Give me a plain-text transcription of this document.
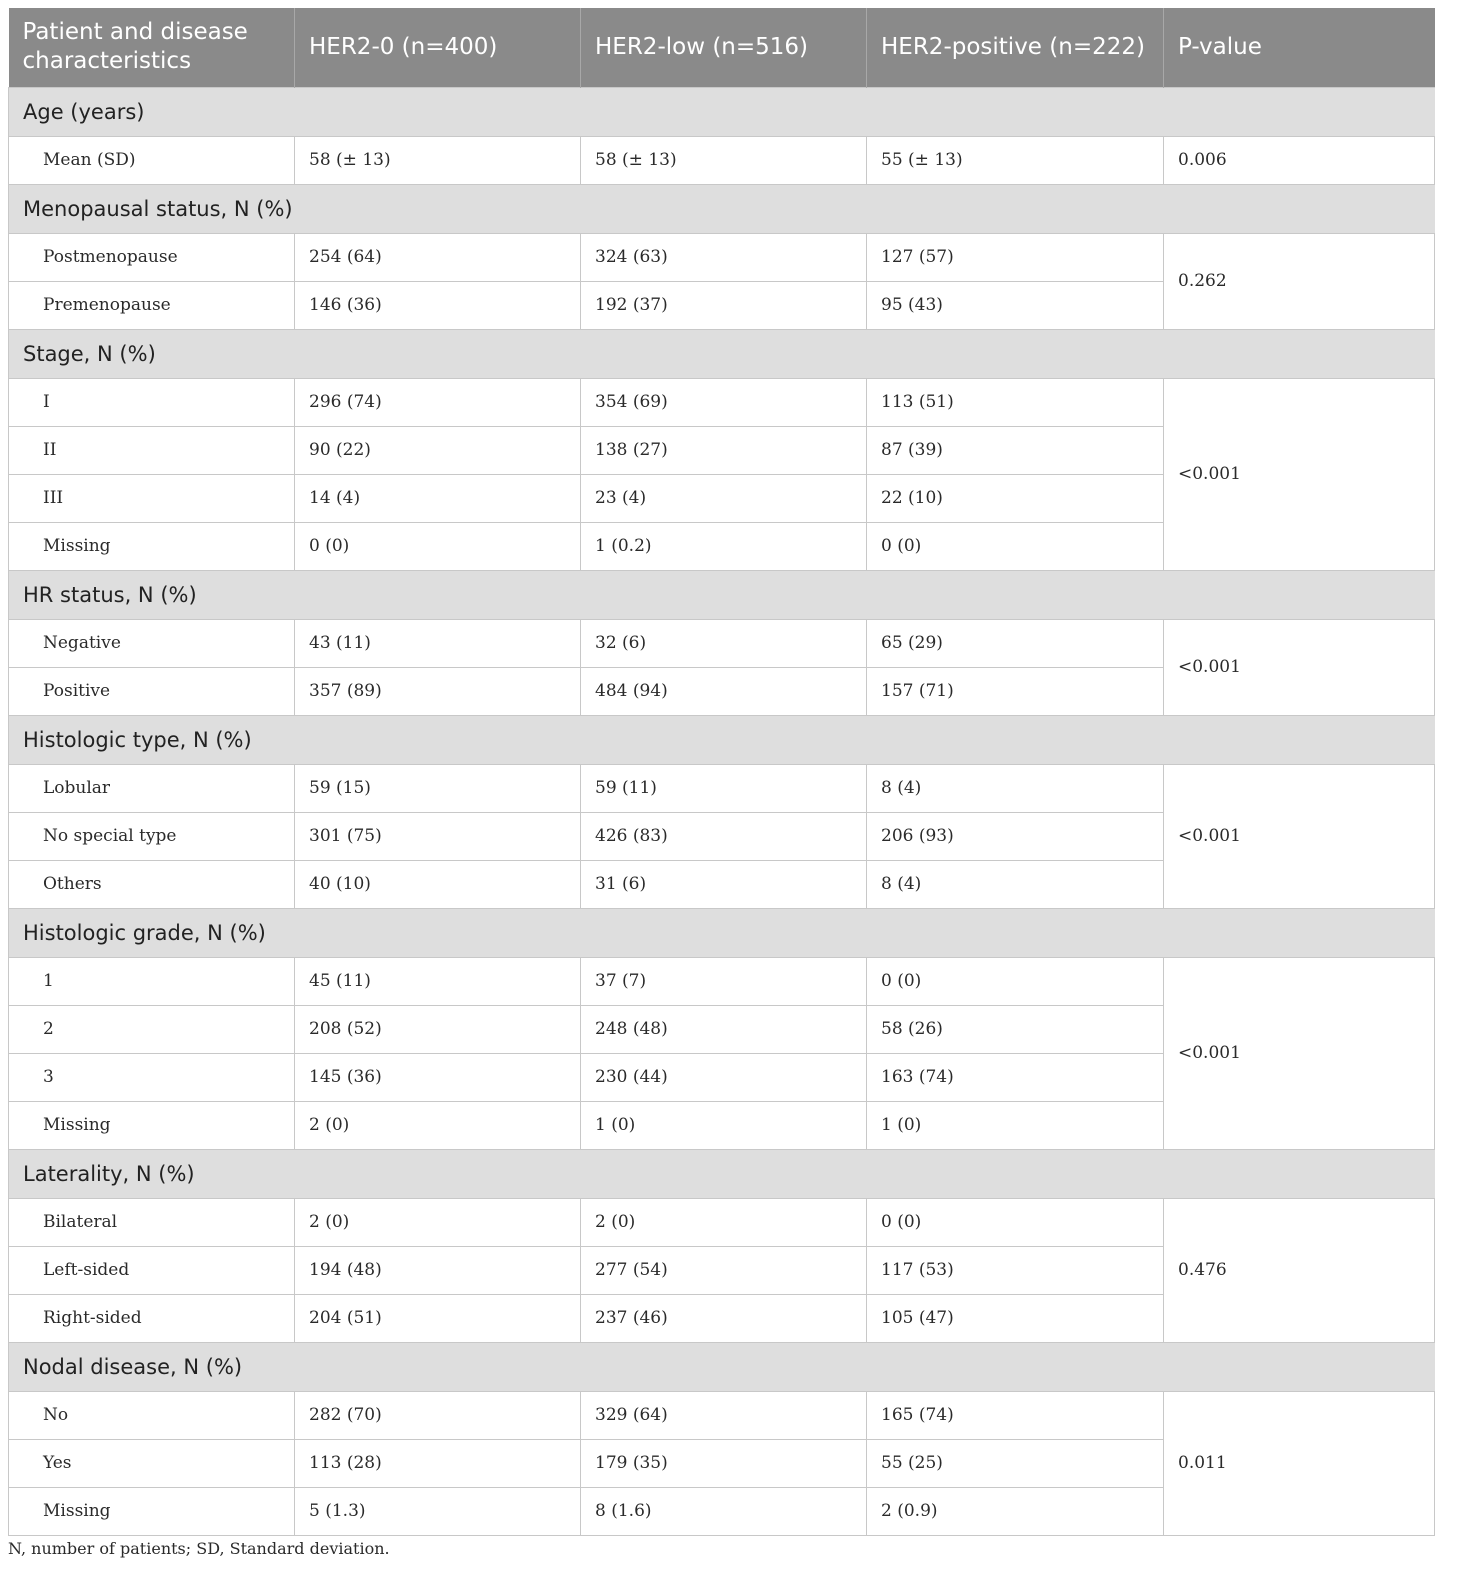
Patient and disease characteristics	HER2-0 (n=400)	HER2-low (n=516)	HER2-positive (n=222)	P-value
Age (years)				
Mean (SD)	58 (± 13)	58 (± 13)	55 (± 13)	0.006
Menopausal status, N (%)				
Postmenopause	254 (64)	324 (63)	127 (57)	0.262
Premenopause	146 (36)	192 (37)	95 (43)	
Stage, N (%)				
I	296 (74)	354 (69)	113 (51)	<0.001
II	90 (22)	138 (27)	87 (39)	
III	14 (4)	23 (4)	22 (10)	
Missing	0 (0)	1 (0.2)	0 (0)	
HR status, N (%)				
Negative	43 (11)	32 (6)	65 (29)	<0.001
Positive	357 (89)	484 (94)	157 (71)	
Histologic type, N (%)				
Lobular	59 (15)	59 (11)	8 (4)	<0.001
No special type	301 (75)	426 (83)	206 (93)	
Others	40 (10)	31 (6)	8 (4)	
Histologic grade, N (%)				
1	45 (11)	37 (7)	0 (0)	<0.001
2	208 (52)	248 (48)	58 (26)	
3	145 (36)	230 (44)	163 (74)	
Missing	2 (0)	1 (0)	1 (0)	
Laterality, N (%)				
Bilateral	2 (0)	2 (0)	0 (0)	0.476
Left-sided	194 (48)	277 (54)	117 (53)	
Right-sided	204 (51)	237 (46)	105 (47)	
Nodal disease, N (%)				
No	282 (70)	329 (64)	165 (74)	0.011
Yes	113 (28)	179 (35)	55 (25)	
Missing	5 (1.3)	8 (1.6)	2 (0.9)	
N, number of patients; SD, Standard deviation.
